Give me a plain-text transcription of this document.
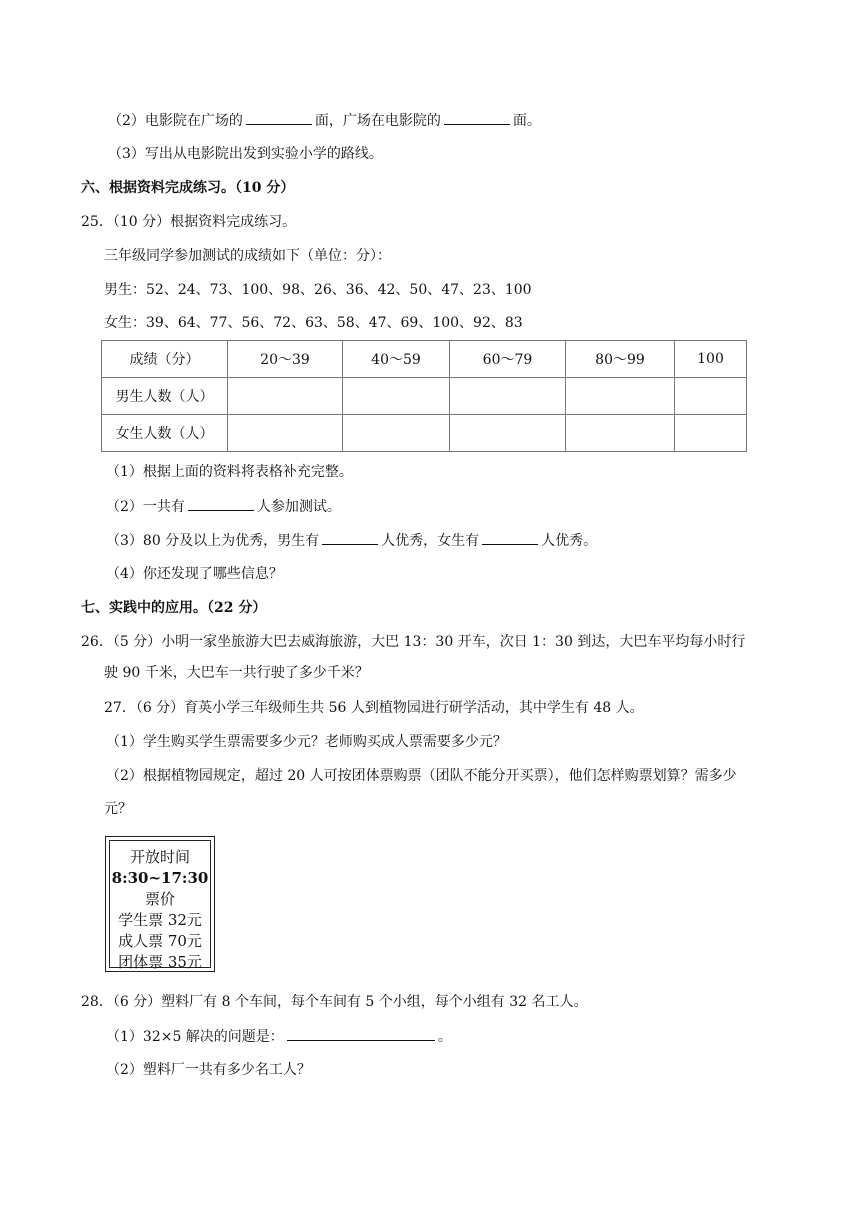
（2）电影院在广场的	面，广场在电影院的	面。
（3）写出从电影院出发到实验小学的路线。
六、根据资料完成练习。（10 分）
25．（10 分）根据资料完成练习。
三年级同学参加测试的成绩如下（单位：分）：
男生：52、24、73、100、98、26、36、42、50、47、23、100
女生：39、64、77、56、72、63、58、47、69、100、92、83
成绩（分）	20～39	40～59	60～79	80～99	100
男生人数（人）					
女生人数（人）					
（1）根据上面的资料将表格补充完整。
（2）一共有	人参加测试。
（3）80 分及以上为优秀，男生有	人优秀，女生有	人优秀。
（4）你还发现了哪些信息？
七、实践中的应用。（22 分）
26．（5 分）小明一家坐旅游大巴去威海旅游，大巴 13：30 开车，次日 1：30 到达，大巴车平均每小时行
驶 90 千米，大巴车一共行驶了多少千米？
27．（6 分）育英小学三年级师生共 56 人到植物园进行研学活动，其中学生有 48 人。
（1）学生购买学生票需要多少元？老师购买成人票需要多少元？
（2）根据植物园规定，超过 20 人可按团体票购票（团队不能分开买票），他们怎样购票划算？需多少
元？
开放时间
8:30~17:30
票价
学生票 32元
成人票 70元
团体票 35元
28．（6 分）塑料厂有 8 个车间，每个车间有 5 个小组，每个小组有 32 名工人。
（1）32×5 解决的问题是：	。
（2）塑料厂一共有多少名工人？
